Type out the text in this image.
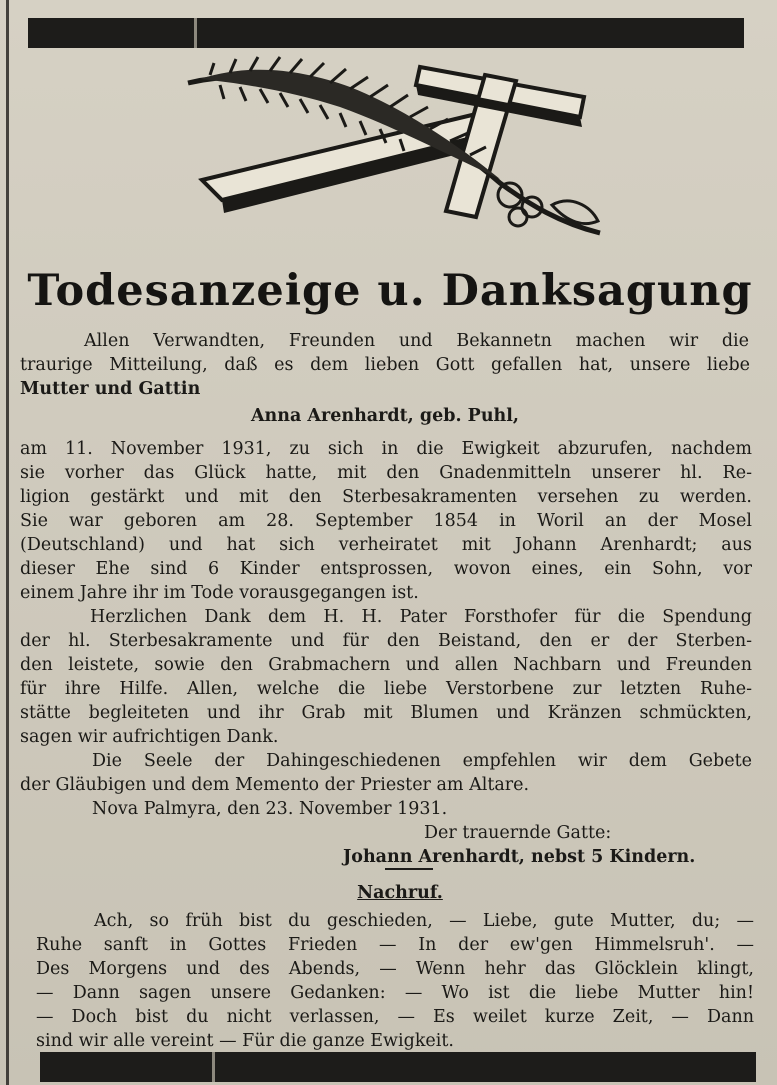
Todesanzeige u. Danksagung

Allen Verwandten, Freunden und Bekannetn machen wir die

traurige Mitteilung, daß es dem lieben Gott gefallen hat, unsere liebe

Mutter und Gattin

Anna Arenhardt, geb. Puhl,

am 11. November 1931, zu sich in die Ewigkeit abzurufen, nachdem

sie vorher das Glück hatte, mit den Gnadenmitteln unserer hl. Re-

ligion gestärkt und mit den Sterbesakramenten versehen zu werden.

Sie war geboren am 28. September 1854 in Woril an der Mosel

(Deutschland) und hat sich verheiratet mit Johann Arenhardt; aus

dieser Ehe sind 6 Kinder entsprossen, wovon eines, ein Sohn, vor

einem Jahre ihr im Tode vorausgegangen ist.

Herzlichen Dank dem H. H. Pater Forsthofer für die Spendung

der hl. Sterbesakramente und für den Beistand, den er der Sterben-

den leistete, sowie den Grabmachern und allen Nachbarn und Freunden

für ihre Hilfe. Allen, welche die liebe Verstorbene zur letzten Ruhe-

stätte begleiteten und ihr Grab mit Blumen und Kränzen schmückten,

sagen wir aufrichtigen Dank.

Die Seele der Dahingeschiedenen empfehlen wir dem Gebete

der Gläubigen und dem Memento der Priester am Altare.

Nova Palmyra, den 23. November 1931.

Der trauernde Gatte:

Johann Arenhardt, nebst 5 Kindern.

Nachruf.

Ach, so früh bist du geschieden, — Liebe, gute Mutter, du; —

Ruhe sanft in Gottes Frieden — In der ew'gen Himmelsruh'. —

Des Morgens und des Abends, — Wenn hehr das Glöcklein klingt,

— Dann sagen unsere Gedanken: — Wo ist die liebe Mutter hin!

— Doch bist du nicht verlassen, — Es weilet kurze Zeit, — Dann

sind wir alle vereint — Für die ganze Ewigkeit.
